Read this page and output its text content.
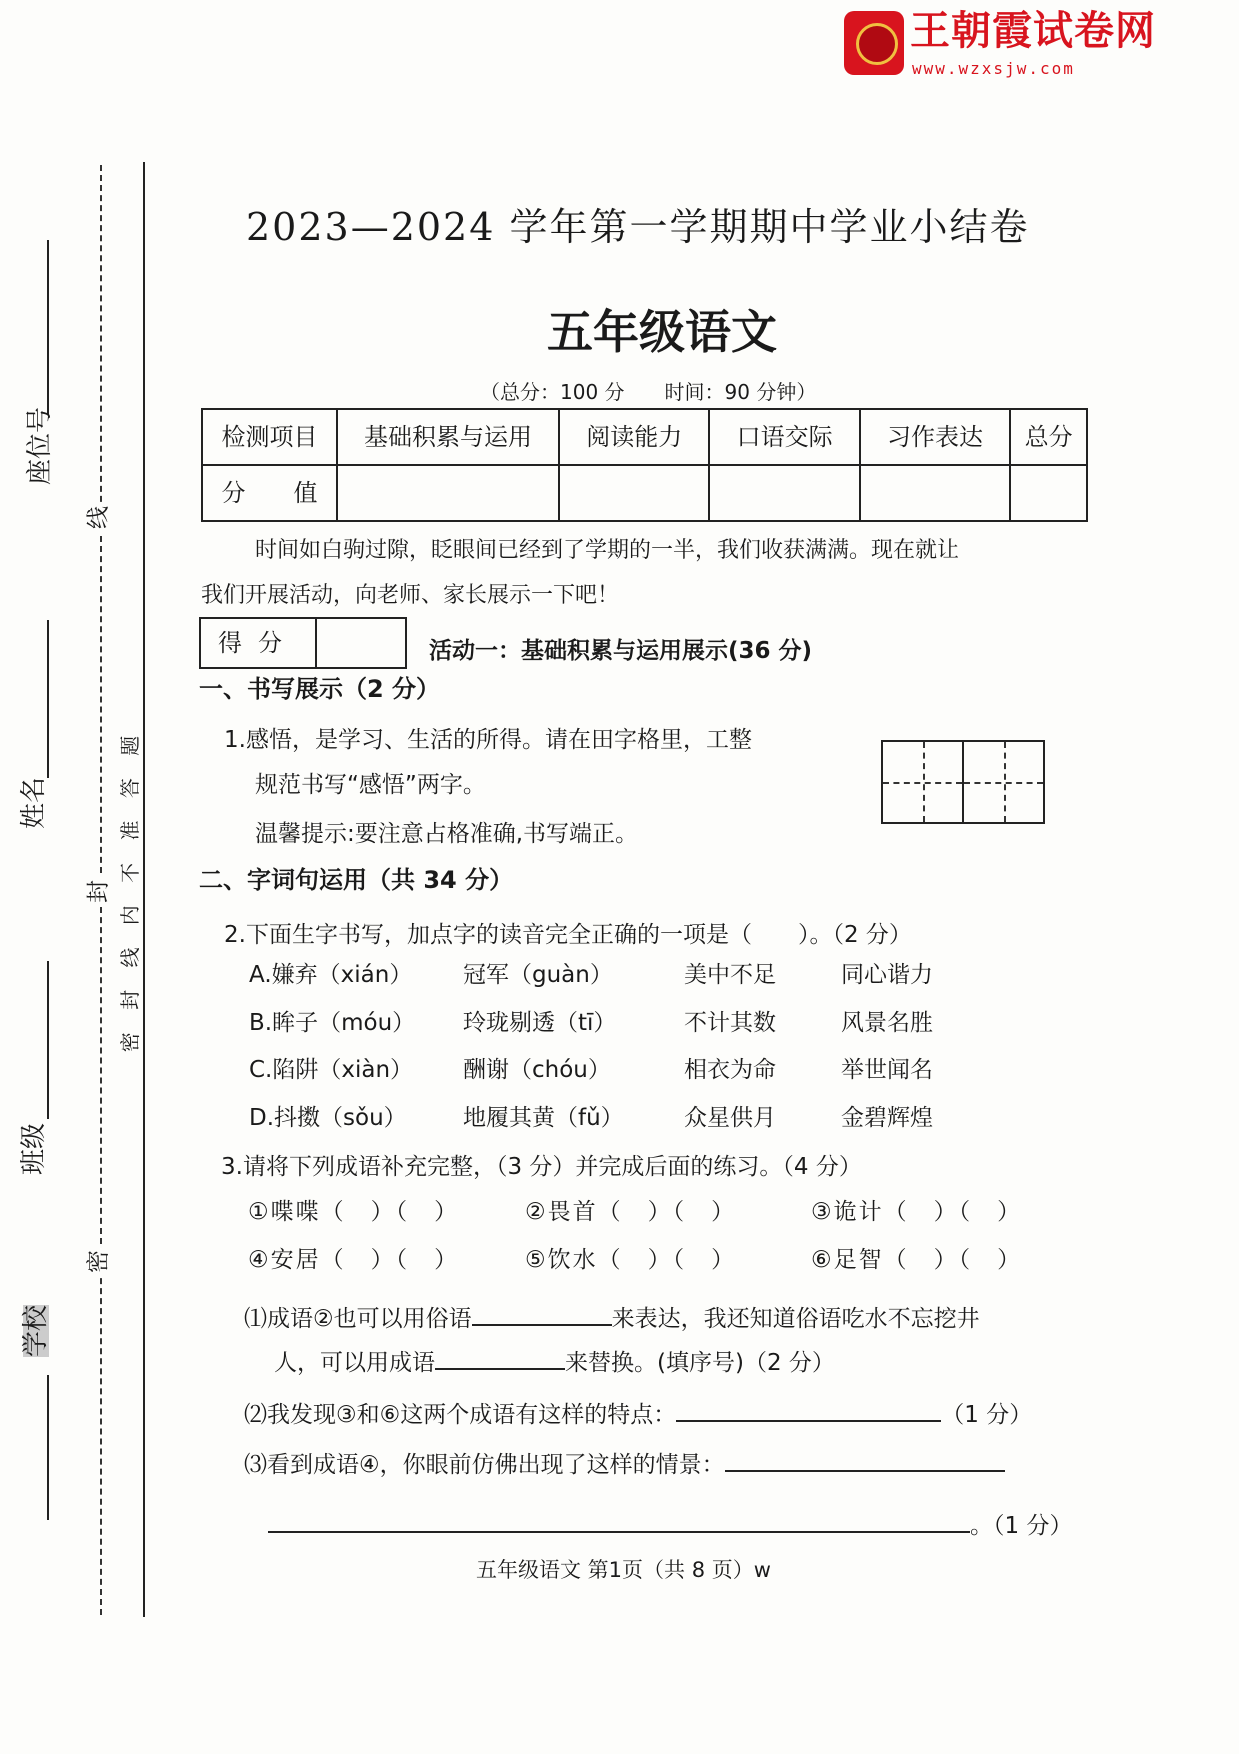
王朝霞试卷网
www.wzxsjw.com
座位号
姓名
班级
学校
线
封
密
密 封 线 内 不 准 答 题
2023—2024 学年第一学期期中学业小结卷
五年级语文
（总分：100 分　　时间：90 分钟）
检测项目	基础积累与运用	阅读能力	口语交际	习作表达	总分
分　　值					
时间如白驹过隙，眨眼间已经到了学期的一半，我们收获满满。现在就让
我们开展活动，向老师、家长展示一下吧！
得分	活动一：基础积累与运用展示(36 分)
一、书写展示（2 分）
1.感悟，是学习、生活的所得。请在田字格里，工整
规范书写“感悟”两字。
温馨提示:要注意占格准确,书写端正。
二、字词句运用（共 34 分）
2.下面生字书写，加点字的读音完全正确的一项是（　　）。（2 分）
A.嫌弃（xián） 冠军（guàn）	美中不足	同心谐力
B.眸子（móu） 玲珑剔透（tī）	不计其数	风景名胜
C.陷阱（xiàn） 酬谢（chóu）	相衣为命	举世闻名
D.抖擞（sǒu） 地履其黄（fǔ）	众星供月	金碧辉煌
3.请将下列成语补充完整，（3 分）并完成后面的练习。（4 分）
①喋喋（　）（　）	②畏首（　）（　）	③诡计（　）（　）
④安居（　）（　）	⑤饮水（　）（　）	⑥足智（　）（　）
⑴成语②也可以用俗语	来表达，我还知道俗语吃水不忘挖井
人，可以用成语	来替换。(填序号)（2 分）
⑵我发现③和⑥这两个成语有这样的特点：	（1 分）
⑶看到成语④，你眼前仿佛出现了这样的情景：
。（1 分）
五年级语文 第1页（共 8 页）w
